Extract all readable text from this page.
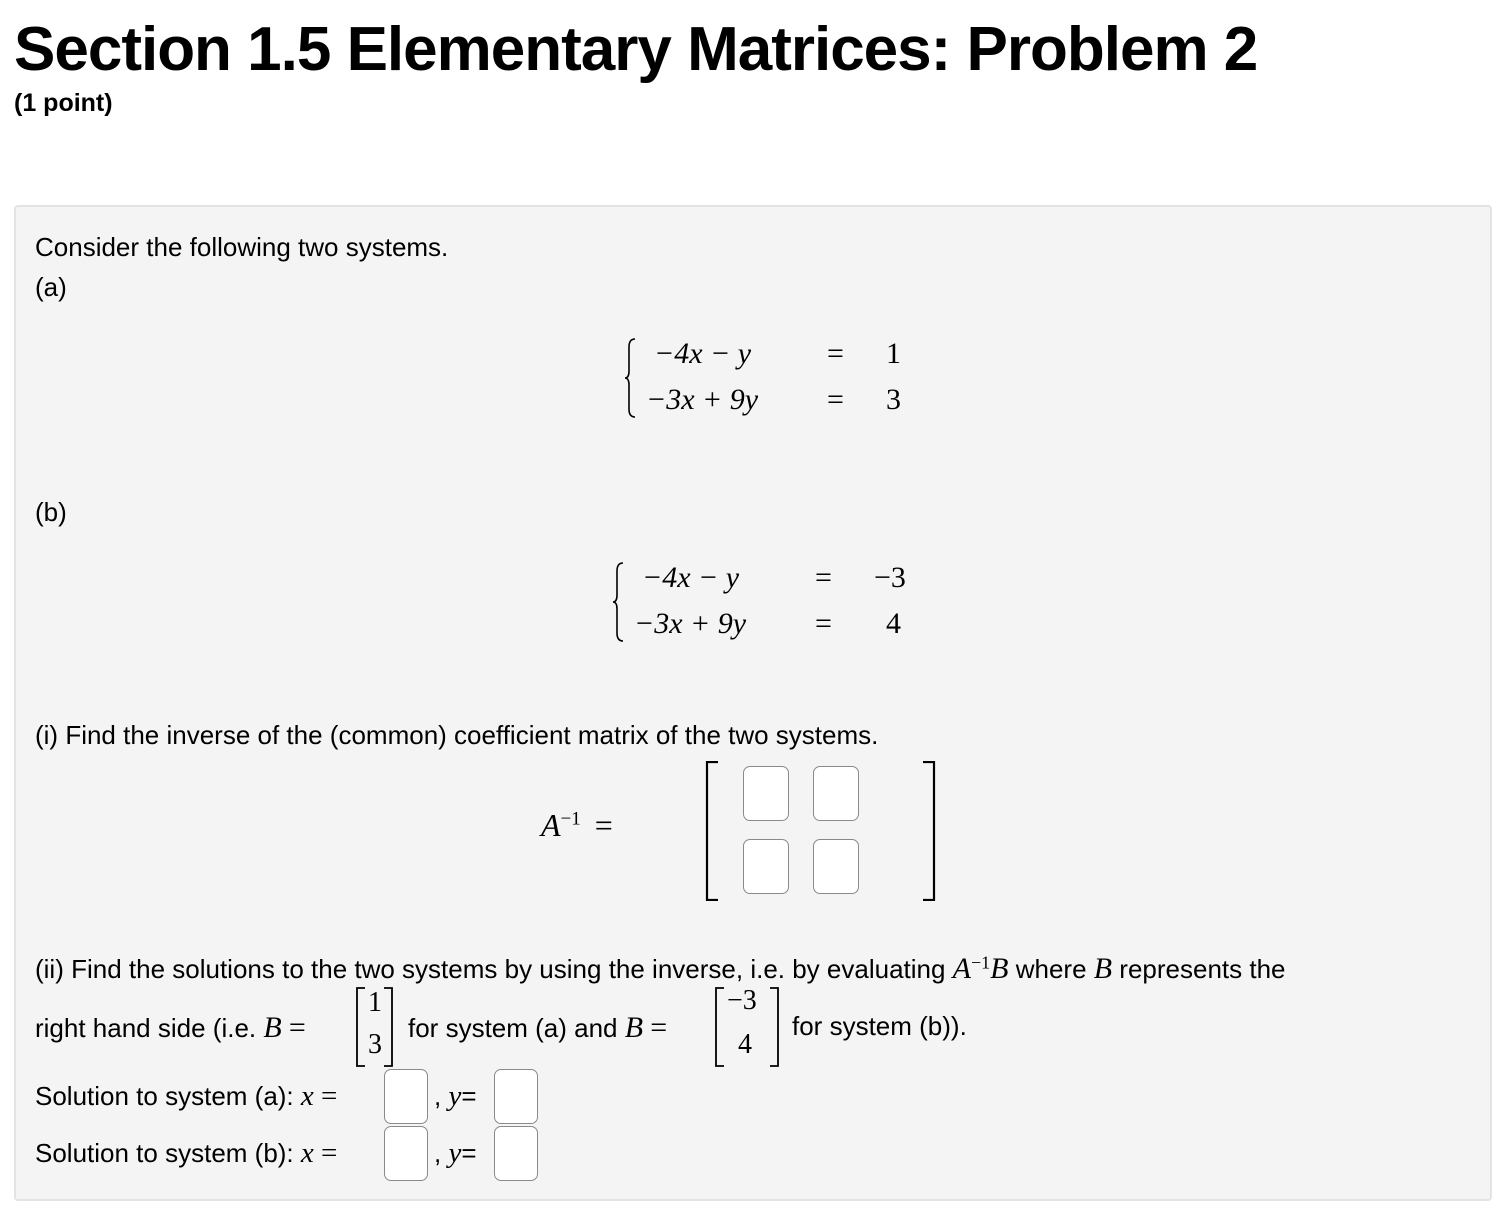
Section 1.5 Elementary Matrices: Problem 2
(1 point)
Consider the following two systems.
(a)
−4x − y	= 1
−3x + 9y = 3
(b)
−4x − y	= −3
−3x + 9y = 4
(i) Find the inverse of the (common) coefficient matrix of the two systems.
$A^{-1}$ =
(ii) Find the solutions to the two systems by using the inverse, i.e. by evaluating $A^{-1}B$ where B represents the
right hand side (i.e. B =
1
3
for system (a) and B =
−3
4
for system (b)).
Solution to system (a): x =	, y=
Solution to system (b): x =	, y=
